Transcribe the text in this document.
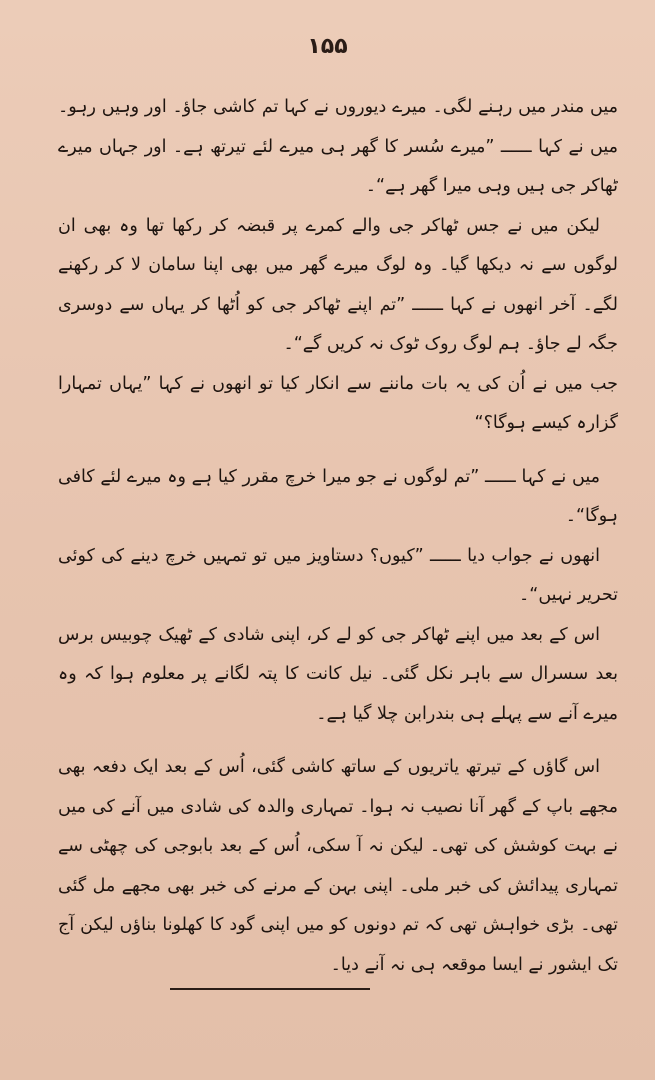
۱۵۵

میں مندر میں رہنے لگی۔ میرے دیوروں نے کہا تم کاشی جاؤ۔ اور وہیں رہو۔ میں نے کہا ــــــ ”میرے سُسر کا گھر ہی میرے لئے تیرتھ ہے۔ اور جہاں میرے ٹھاکر جی ہیں وہی میرا گھر ہے“۔

لیکن میں نے جس ٹھاکر جی والے کمرے پر قبضہ کر رکھا تھا وہ بھی ان لوگوں سے نہ دیکھا گیا۔ وہ لوگ میرے گھر میں بھی اپنا سامان لا کر رکھنے لگے۔ آخر انھوں نے کہا ــــــ ”تم اپنے ٹھاکر جی کو اُٹھا کر یہاں سے دوسری جگہ لے جاؤ۔ ہم لوگ روک ٹوک نہ کریں گے“۔

جب میں نے اُن کی یہ بات ماننے سے انکار کیا تو انھوں نے کہا ”یہاں تمہارا گزارہ کیسے ہوگا؟“

میں نے کہا ــــــ ”تم لوگوں نے جو میرا خرچ مقرر کیا ہے وہ میرے لئے کافی ہوگا“۔

انھوں نے جواب دیا ــــــ ”کیوں؟ دستاویز میں تو تمہیں خرچ دینے کی کوئی تحریر نہیں“۔

اس کے بعد میں اپنے ٹھاکر جی کو لے کر، اپنی شادی کے ٹھیک چوبیس برس بعد سسرال سے باہر نکل گئی۔ نیل کانت کا پتہ لگانے پر معلوم ہوا کہ وہ میرے آنے سے پہلے ہی بندرابن چلا گیا ہے۔

اس گاؤں کے تیرتھ یاتریوں کے ساتھ کاشی گئی، اُس کے بعد ایک دفعہ بھی مجھے باپ کے گھر آنا نصیب نہ ہوا۔ تمہاری والدہ کی شادی میں آنے کی میں نے بہت کوشش کی تھی۔ لیکن نہ آ سکی، اُس کے بعد بابوجی کی چھٹی سے تمہاری پیدائش کی خبر ملی۔ اپنی بہن کے مرنے کی خبر بھی مجھے مل گئی تھی۔ بڑی خواہش تھی کہ تم دونوں کو میں اپنی گود کا کھلونا بناؤں لیکن آج تک ایشور نے ایسا موقعہ ہی نہ آنے دیا۔
